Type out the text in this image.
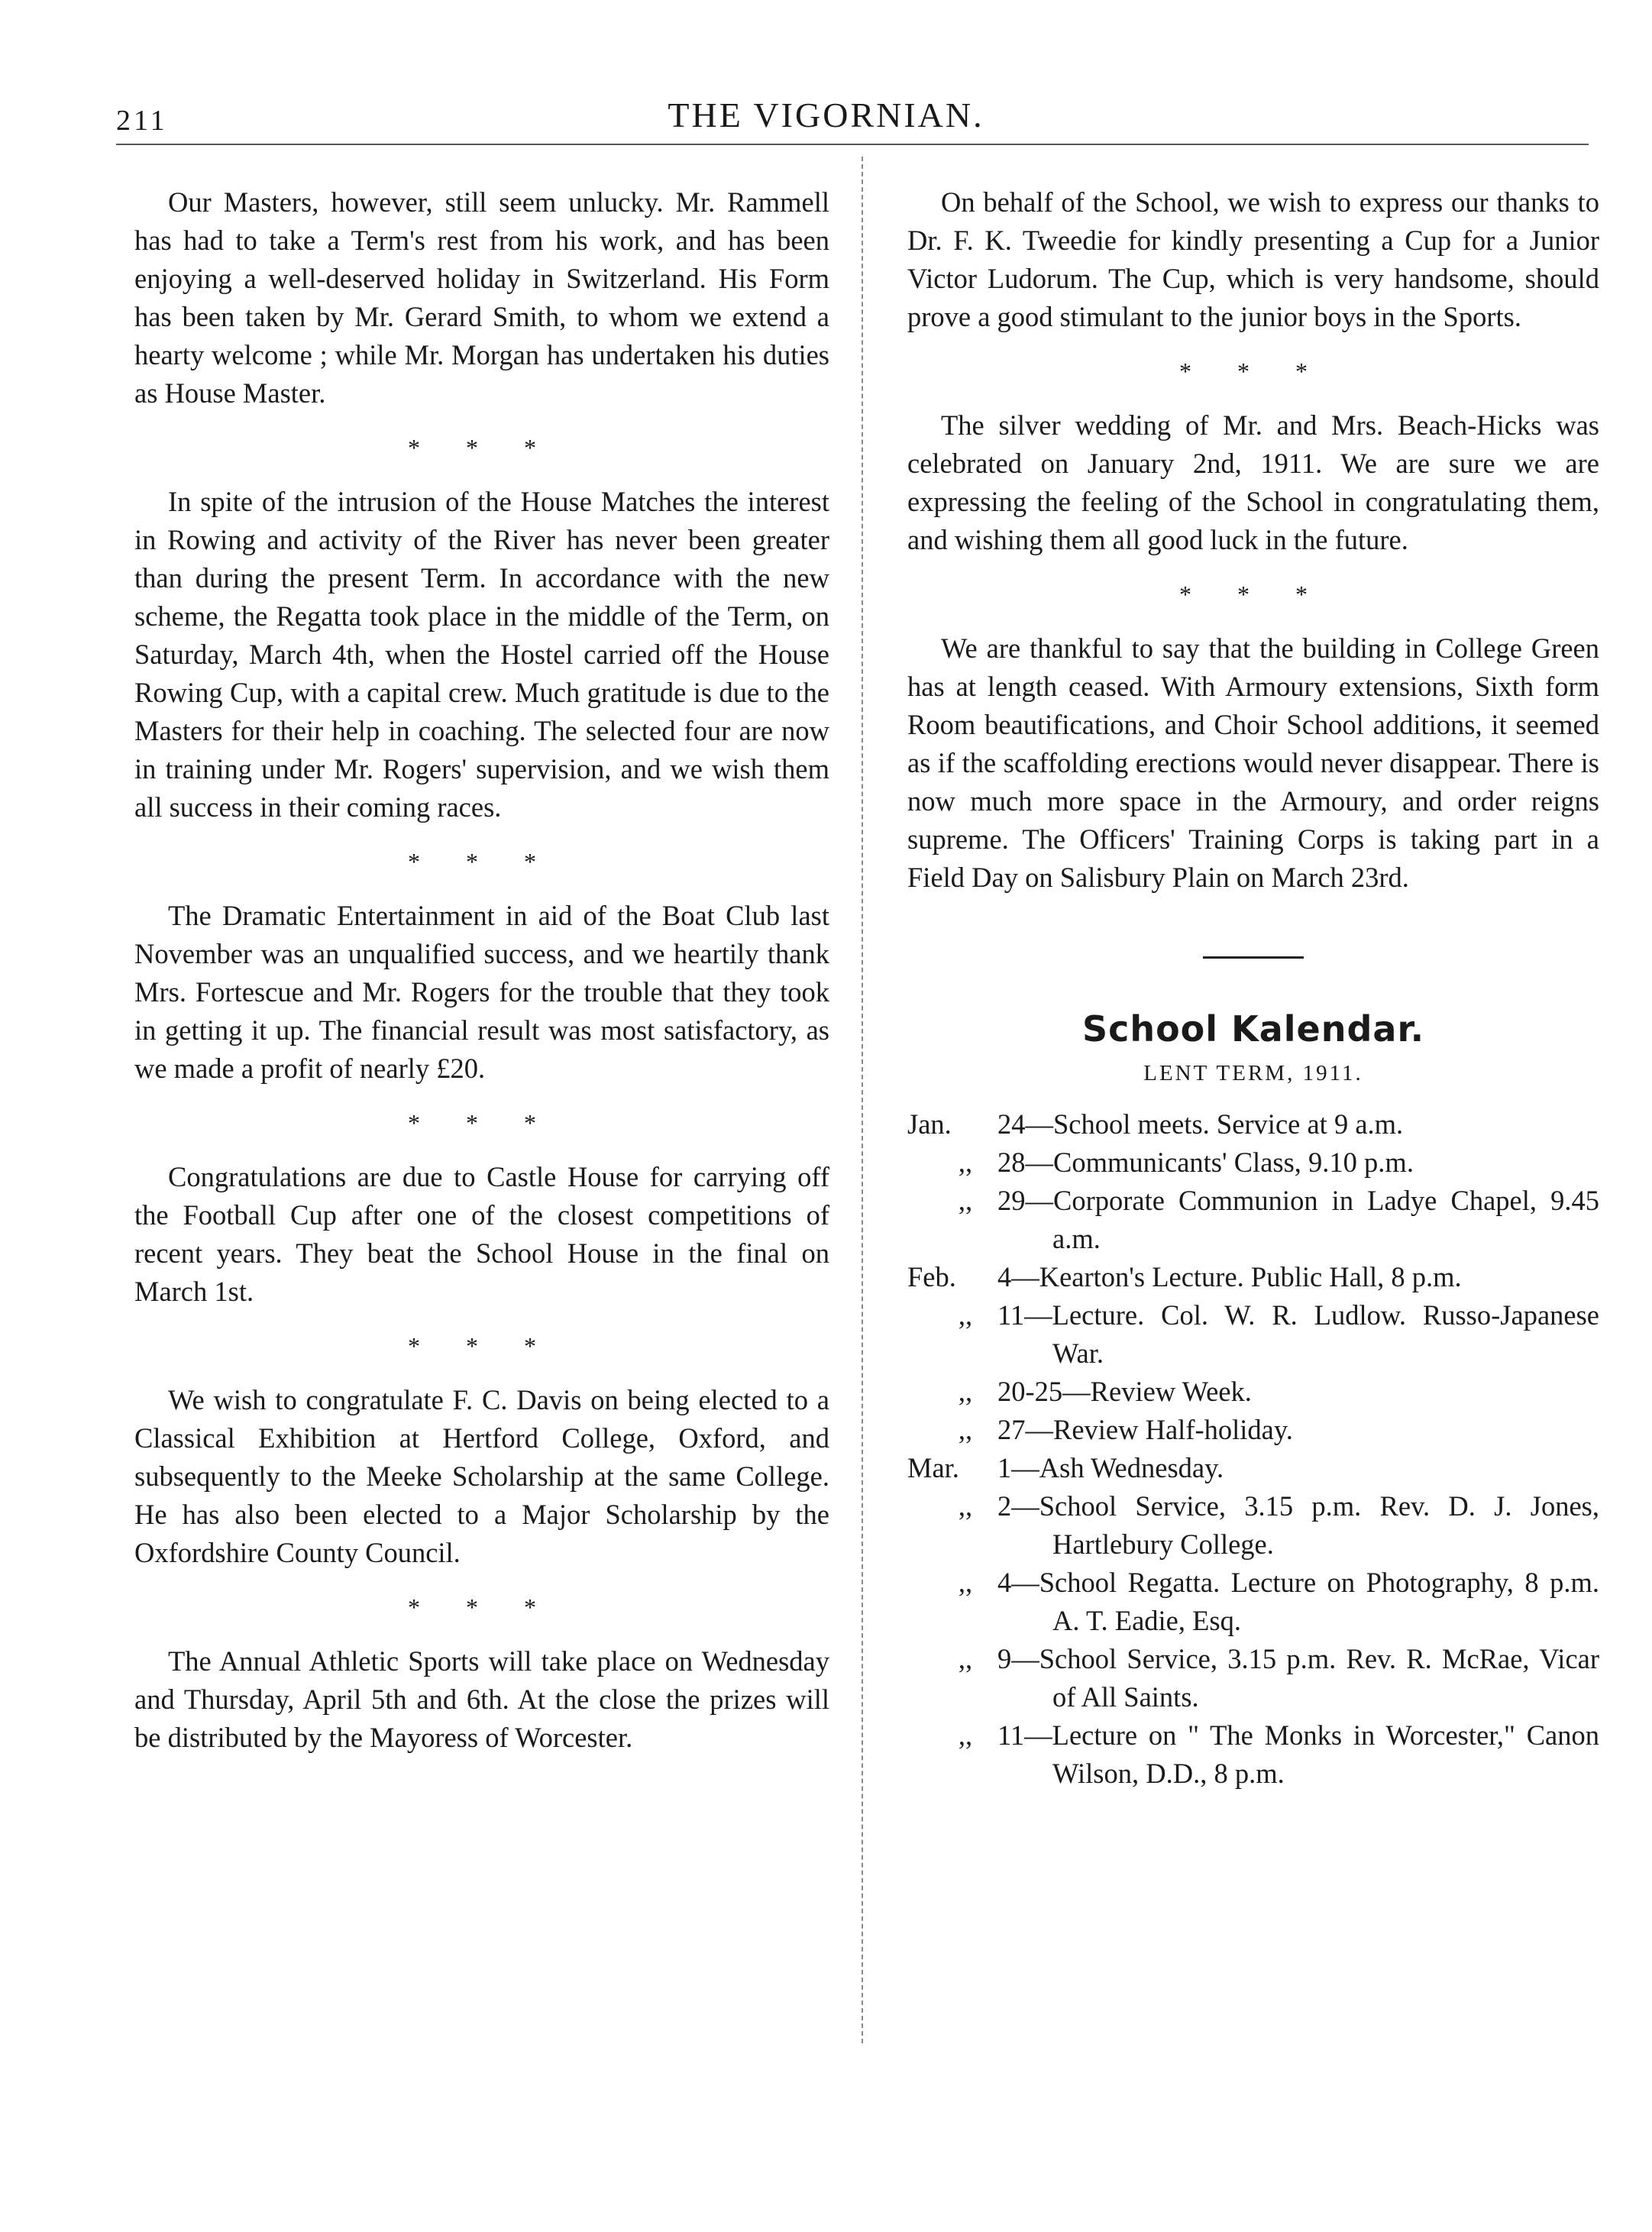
211	THE VIGORNIAN.

Our Masters, however, still seem unlucky. Mr. Rammell has had to take a Term's rest from his work, and has been enjoying a well-deserved holiday in Switzerland. His Form has been taken by Mr. Gerard Smith, to whom we extend a hearty welcome ; while Mr. Morgan has undertaken his duties as House Master.

* * *

In spite of the intrusion of the House Matches the interest in Rowing and activity of the River has never been greater than during the present Term. In accordance with the new scheme, the Regatta took place in the middle of the Term, on Saturday, March 4th, when the Hostel carried off the House Rowing Cup, with a capital crew. Much gratitude is due to the Masters for their help in coaching. The selected four are now in training under Mr. Rogers' supervision, and we wish them all success in their coming races.

* * *

The Dramatic Entertainment in aid of the Boat Club last November was an unqualified success, and we heartily thank Mrs. Fortescue and Mr. Rogers for the trouble that they took in getting it up. The financial result was most satisfactory, as we made a profit of nearly £20.

* * *

Congratulations are due to Castle House for carrying off the Football Cup after one of the closest competitions of recent years. They beat the School House in the final on March 1st.

* * *

We wish to congratulate F. C. Davis on being elected to a Classical Exhibition at Hertford College, Oxford, and subsequently to the Meeke Scholarship at the same College. He has also been elected to a Major Scholarship by the Oxfordshire County Council.

* * *

The Annual Athletic Sports will take place on Wednesday and Thursday, April 5th and 6th. At the close the prizes will be distributed by the Mayoress of Worcester.

On behalf of the School, we wish to express our thanks to Dr. F. K. Tweedie for kindly presenting a Cup for a Junior Victor Ludorum. The Cup, which is very handsome, should prove a good stimulant to the junior boys in the Sports.

* * *

The silver wedding of Mr. and Mrs. Beach-Hicks was celebrated on January 2nd, 1911. We are sure we are expressing the feeling of the School in congratulating them, and wishing them all good luck in the future.

* * *

We are thankful to say that the building in College Green has at length ceased. With Armoury extensions, Sixth form Room beautifications, and Choir School additions, it seemed as if the scaffolding erections would never disappear. There is now much more space in the Armoury, and order reigns supreme. The Officers' Training Corps is taking part in a Field Day on Salisbury Plain on March 23rd.

School Kalendar.
LENT TERM, 1911.
Jan.	24—School meets. Service at 9 a.m.
,, 28—Communicants' Class, 9.10 p.m.
,, 29—Corporate Communion in Ladye Chapel, 9.45 a.m.
Feb.	4—Kearton's Lecture. Public Hall, 8 p.m.
,, 11—Lecture. Col. W. R. Ludlow. Russo-Japanese War.
,, 20-25—Review Week.
,, 27—Review Half-holiday.
Mar.	1—Ash Wednesday.
,, 2—School Service, 3.15 p.m. Rev. D. J. Jones, Hartlebury College.
,, 4—School Regatta. Lecture on Photography, 8 p.m. A. T. Eadie, Esq.
,, 9—School Service, 3.15 p.m. Rev. R. McRae, Vicar of All Saints.
,, 11—Lecture on " The Monks in Worcester," Canon Wilson, D.D., 8 p.m.
